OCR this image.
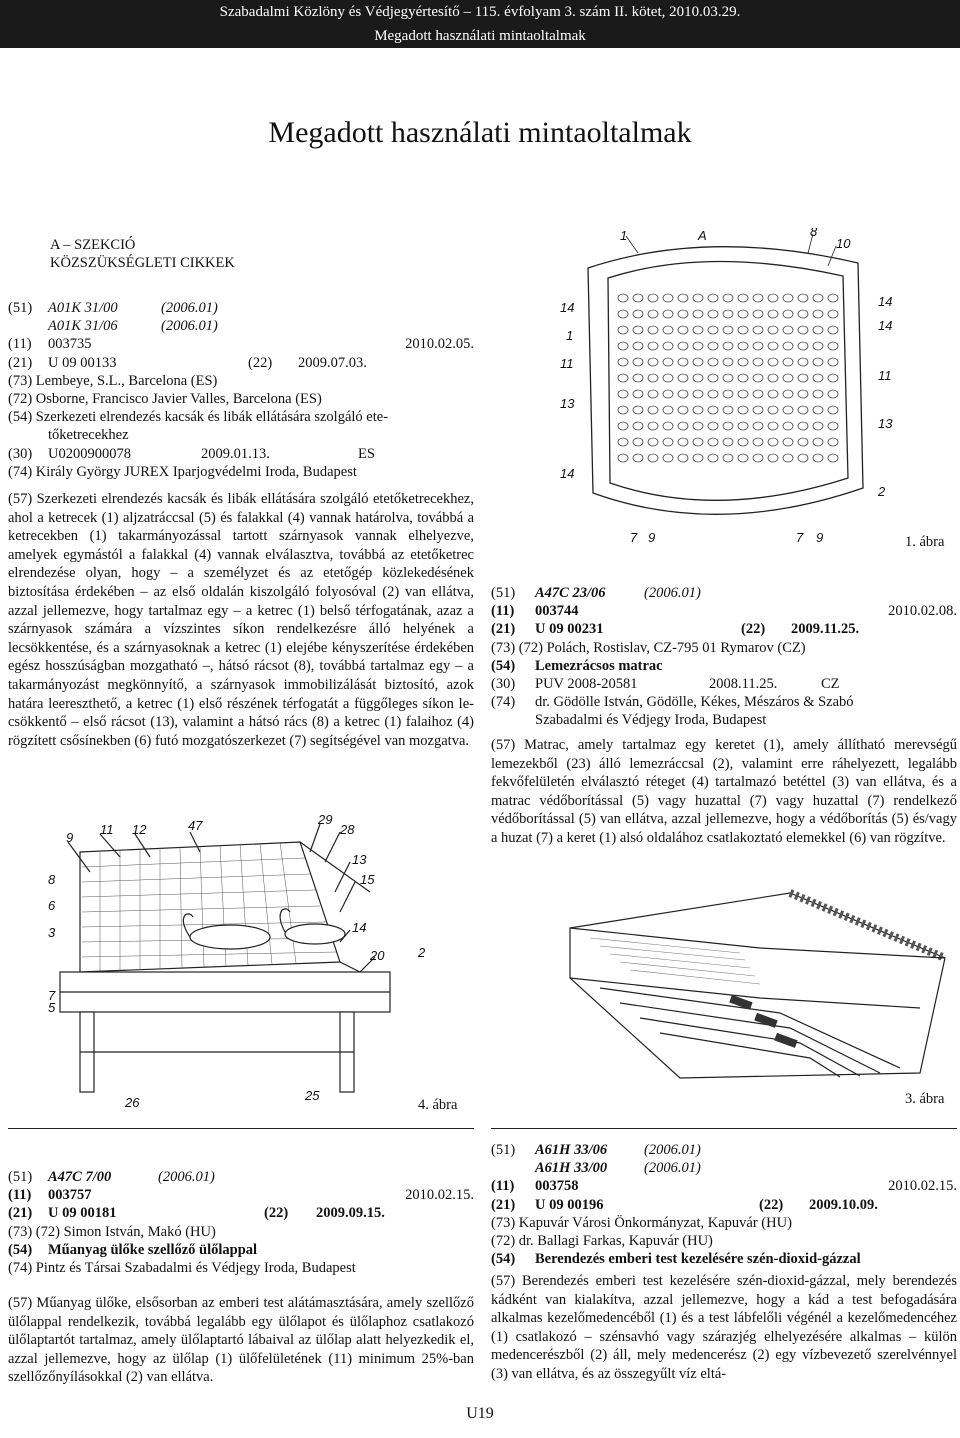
Szabadalmi Közlöny és Védjegyértesítő – 115. évfolyam 3. szám II. kötet, 2010.03.29.
Megadott használati mintaoltalmak
Megadott használati mintaoltalmak
A – SZEKCIÓ
KÖZSZÜKSÉGLETI CIKKEK
(51) A01K 31/00	(2006.01)
A01K 31/06	(2006.01)
(11) 003735	2010.02.05.
(21) U 09 00133	(22) 2009.07.03.
(73) Lembeye, S.L., Barcelona (ES)
(72) Osborne, Francisco Javier Valles, Barcelona (ES)
(54) Szerkezeti elrendezés kacsák és libák ellátására szolgáló ete-
tőketrecekhez
(30) U0200900078	2009.01.13.	ES
(74) Király György JUREX Iparjogvédelmi Iroda, Budapest
(57) Szerkezeti elrendezés kacsák és libák ellátására szolgáló etetőketrecekhez, ahol a ketrecek (1) aljzatráccsal (5) és falakkal (4) vannak határolva, továbbá a ketrecekben (1) takarmányozással tartott szárnyasok vannak elhelyezve, amelyek egymástól a falakkal (4) vannak elválasztva, továbbá az etetőketrec elrendezése olyan, hogy – a személyzet és az etetőgép közlekedésének biztosítása érdekében – az első oldalán kiszolgáló folyosóval (2) van ellátva, azzal jellemezve, hogy tartalmaz egy – a ketrec (1) belső térfogatának, azaz a szárnyasok számára a vízszintes síkon rendelkezésre álló helyének a lecsökkentése, és a szárnyasoknak a ketrec (1) elejébe kényszerítése érdekében egész hosszúságban mozgatható –, hátsó rácsot (8), továbbá tartalmaz egy – a takarmányozást megkönnyítő, a szárnyasok immobilizálását biztosító, azok határa leereszthető, a ketrec (1) első részének térfogatát a függőleges síkon lecsökkentő – első rácsot (13), valamint a hátsó rács (8) a ketrec (1) falaihoz (4) rögzített csősínekben (6) futó mozgatószerkezet (7) segítségével van mozgatva.
9
11 12	47	29
28
13
15
8
6
3	14
7
20	2
5
26	25
4. ábra
1	A	8
10
14	14
14
1
11
11
13
13
2
14
7 9	7 9	1. ábra
(51) A47C 23/06	(2006.01)
(11) 003744	2010.02.08.
(21) U 09 00231	(22) 2009.11.25.
(73) (72) Polách, Rostislav, CZ-795 01 Rymarov (CZ)
(54) Lemezrácsos matrac
(30) PUV 2008-20581	2008.11.25.	CZ
(74) dr. Gödölle István, Gödölle, Kékes, Mészáros & Szabó
Szabadalmi és Védjegy Iroda, Budapest
(57) Matrac, amely tartalmaz egy keretet (1), amely állítható merevségű lemezekből (23) álló lemezráccsal (2), valamint erre ráhelyezett, legalább fekvőfelületén elválasztó réteget (4) tartalmazó betéttel (3) van ellátva, és a matrac védőborítással (5) vagy huzattal (7) vagy huzattal (7) rendelkező védőborítással (5) van ellátva, azzal jellemezve, hogy a védőborítás (5) és/vagy a huzat (7) a keret (1) alsó oldalához csatlakoztató elemekkel (6) van rögzítve.
3. ábra
(51) A47C 7/00	(2006.01)
(11) 003757	2010.02.15.
(21) U 09 00181	(22) 2009.09.15.
(73) (72) Simon István, Makó (HU)
(54) Műanyag ülőke szellőző ülőlappal
(74) Pintz és Társai Szabadalmi és Védjegy Iroda, Budapest
(57) Műanyag ülőke, elsősorban az emberi test alátámasztására, amely szellőző ülőlappal rendelkezik, továbbá legalább egy ülőlapot és ülőlaphoz csatlakozó ülőlaptartót tartalmaz, amely ülőlaptartó lábaival az ülőlap alatt helyezkedik el, azzal jellemezve, hogy az ülőlap (1) ülőfelületének (11) minimum 25%-ban szellőzőnyílásokkal (2) van ellátva.
(51) A61H 33/06	(2006.01)
A61H 33/00	(2006.01)
(11) 003758	2010.02.15.
(21) U 09 00196	(22) 2009.10.09.
(73) Kapuvár Városi Önkormányzat, Kapuvár (HU)
(72) dr. Ballagi Farkas, Kapuvár (HU)
(54) Berendezés emberi test kezelésére szén-dioxid-gázzal
(57) Berendezés emberi test kezelésére szén-dioxid-gázzal, mely berendezés kádként van kialakítva, azzal jellemezve, hogy a kád a test befogadására alkalmas kezelőmedencéből (1) és a test lábfelőli végénél a kezelőmedencéhez (1) csatlakozó – szénsavhó vagy szárazjég elhelyezésére alkalmas – külön medencerészből (2) áll, mely medencerész (2) egy vízbevezető szerelvénnyel (3) van ellátva, és az összegyűlt víz eltá-
U19
